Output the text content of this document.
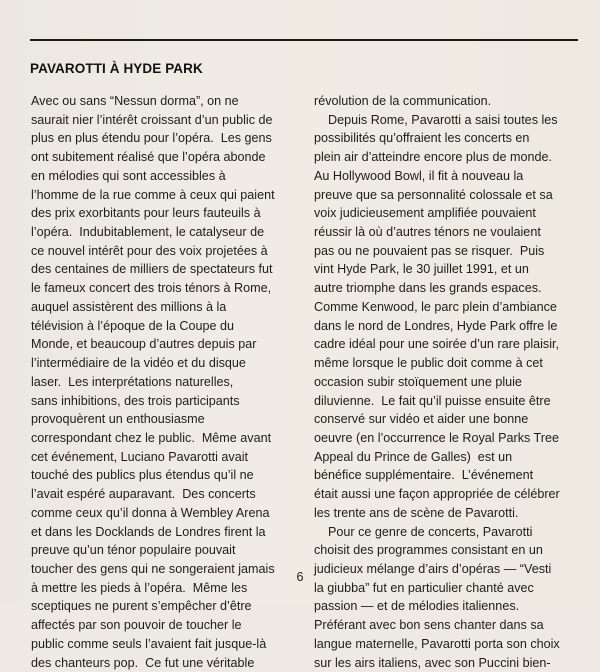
PAVAROTTI À HYDE PARK
Avec ou sans “Nessun dorma”, on ne
saurait nier l’intérêt croissant d’un public de
plus en plus étendu pour l’opéra.  Les gens
ont subitement réalisé que l’opéra abonde
en mélodies qui sont accessibles à
l’homme de la rue comme à ceux qui paient
des prix exorbitants pour leurs fauteuils à
l’opéra.  Indubitablement, le catalyseur de
ce nouvel intérêt pour des voix projetées à
des centaines de milliers de spectateurs fut
le fameux concert des trois ténors à Rome,
auquel assistèrent des millions à la
télévision à l’époque de la Coupe du
Monde, et beaucoup d’autres depuis par
l’intermédiaire de la vidéo et du disque
laser.  Les interprétations naturelles,
sans inhibitions, des trois participants
provoquèrent un enthousiasme
correspondant chez le public.  Même avant
cet événement, Luciano Pavarotti avait
touché des publics plus étendus qu’il ne
l’avait espéré auparavant.  Des concerts
comme ceux qu’il donna à Wembley Arena
et dans les Docklands de Londres firent la
preuve qu’un ténor populaire pouvait
toucher des gens qui ne songeraient jamais
à mettre les pieds à l’opéra.  Même les
sceptiques ne purent s’empêcher d’être
affectés par son pouvoir de toucher le
public comme seuls l’avaient fait jusque-là
des chanteurs pop.  Ce fut une véritable
révolution de la communication.
Depuis Rome, Pavarotti a saisi toutes les
possibilités qu’offraient les concerts en
plein air d’atteindre encore plus de monde.
Au Hollywood Bowl, il fit à nouveau la
preuve que sa personnalité colossale et sa
voix judicieusement amplifiée pouvaient
réussir là où d’autres ténors ne voulaient
pas ou ne pouvaient pas se risquer.  Puis
vint Hyde Park, le 30 juillet 1991, et un
autre triomphe dans les grands espaces.
Comme Kenwood, le parc plein d’ambiance
dans le nord de Londres, Hyde Park offre le
cadre idéal pour une soirée d’un rare plaisir,
même lorsque le public doit comme à cet
occasion subir stoïquement une pluie
diluvienne.  Le fait qu’il puisse ensuite être
conservé sur vidéo et aider une bonne
oeuvre (en l’occurrence le Royal Parks Tree
Appeal du Prince de Galles)  est un
bénéfice supplémentaire.  L’événement
était aussi une façon appropriée de célébrer
les trente ans de scène de Pavarotti.
Pour ce genre de concerts, Pavarotti
choisit des programmes consistant en un
judicieux mélange d’airs d’opéras — “Vesti
la giubba” fut en particulier chanté avec
passion — et de mélodies italiennes.
Préférant avec bon sens chanter dans sa
langue maternelle, Pavarotti porta son choix
sur les airs italiens, avec son Puccini bien-
6
